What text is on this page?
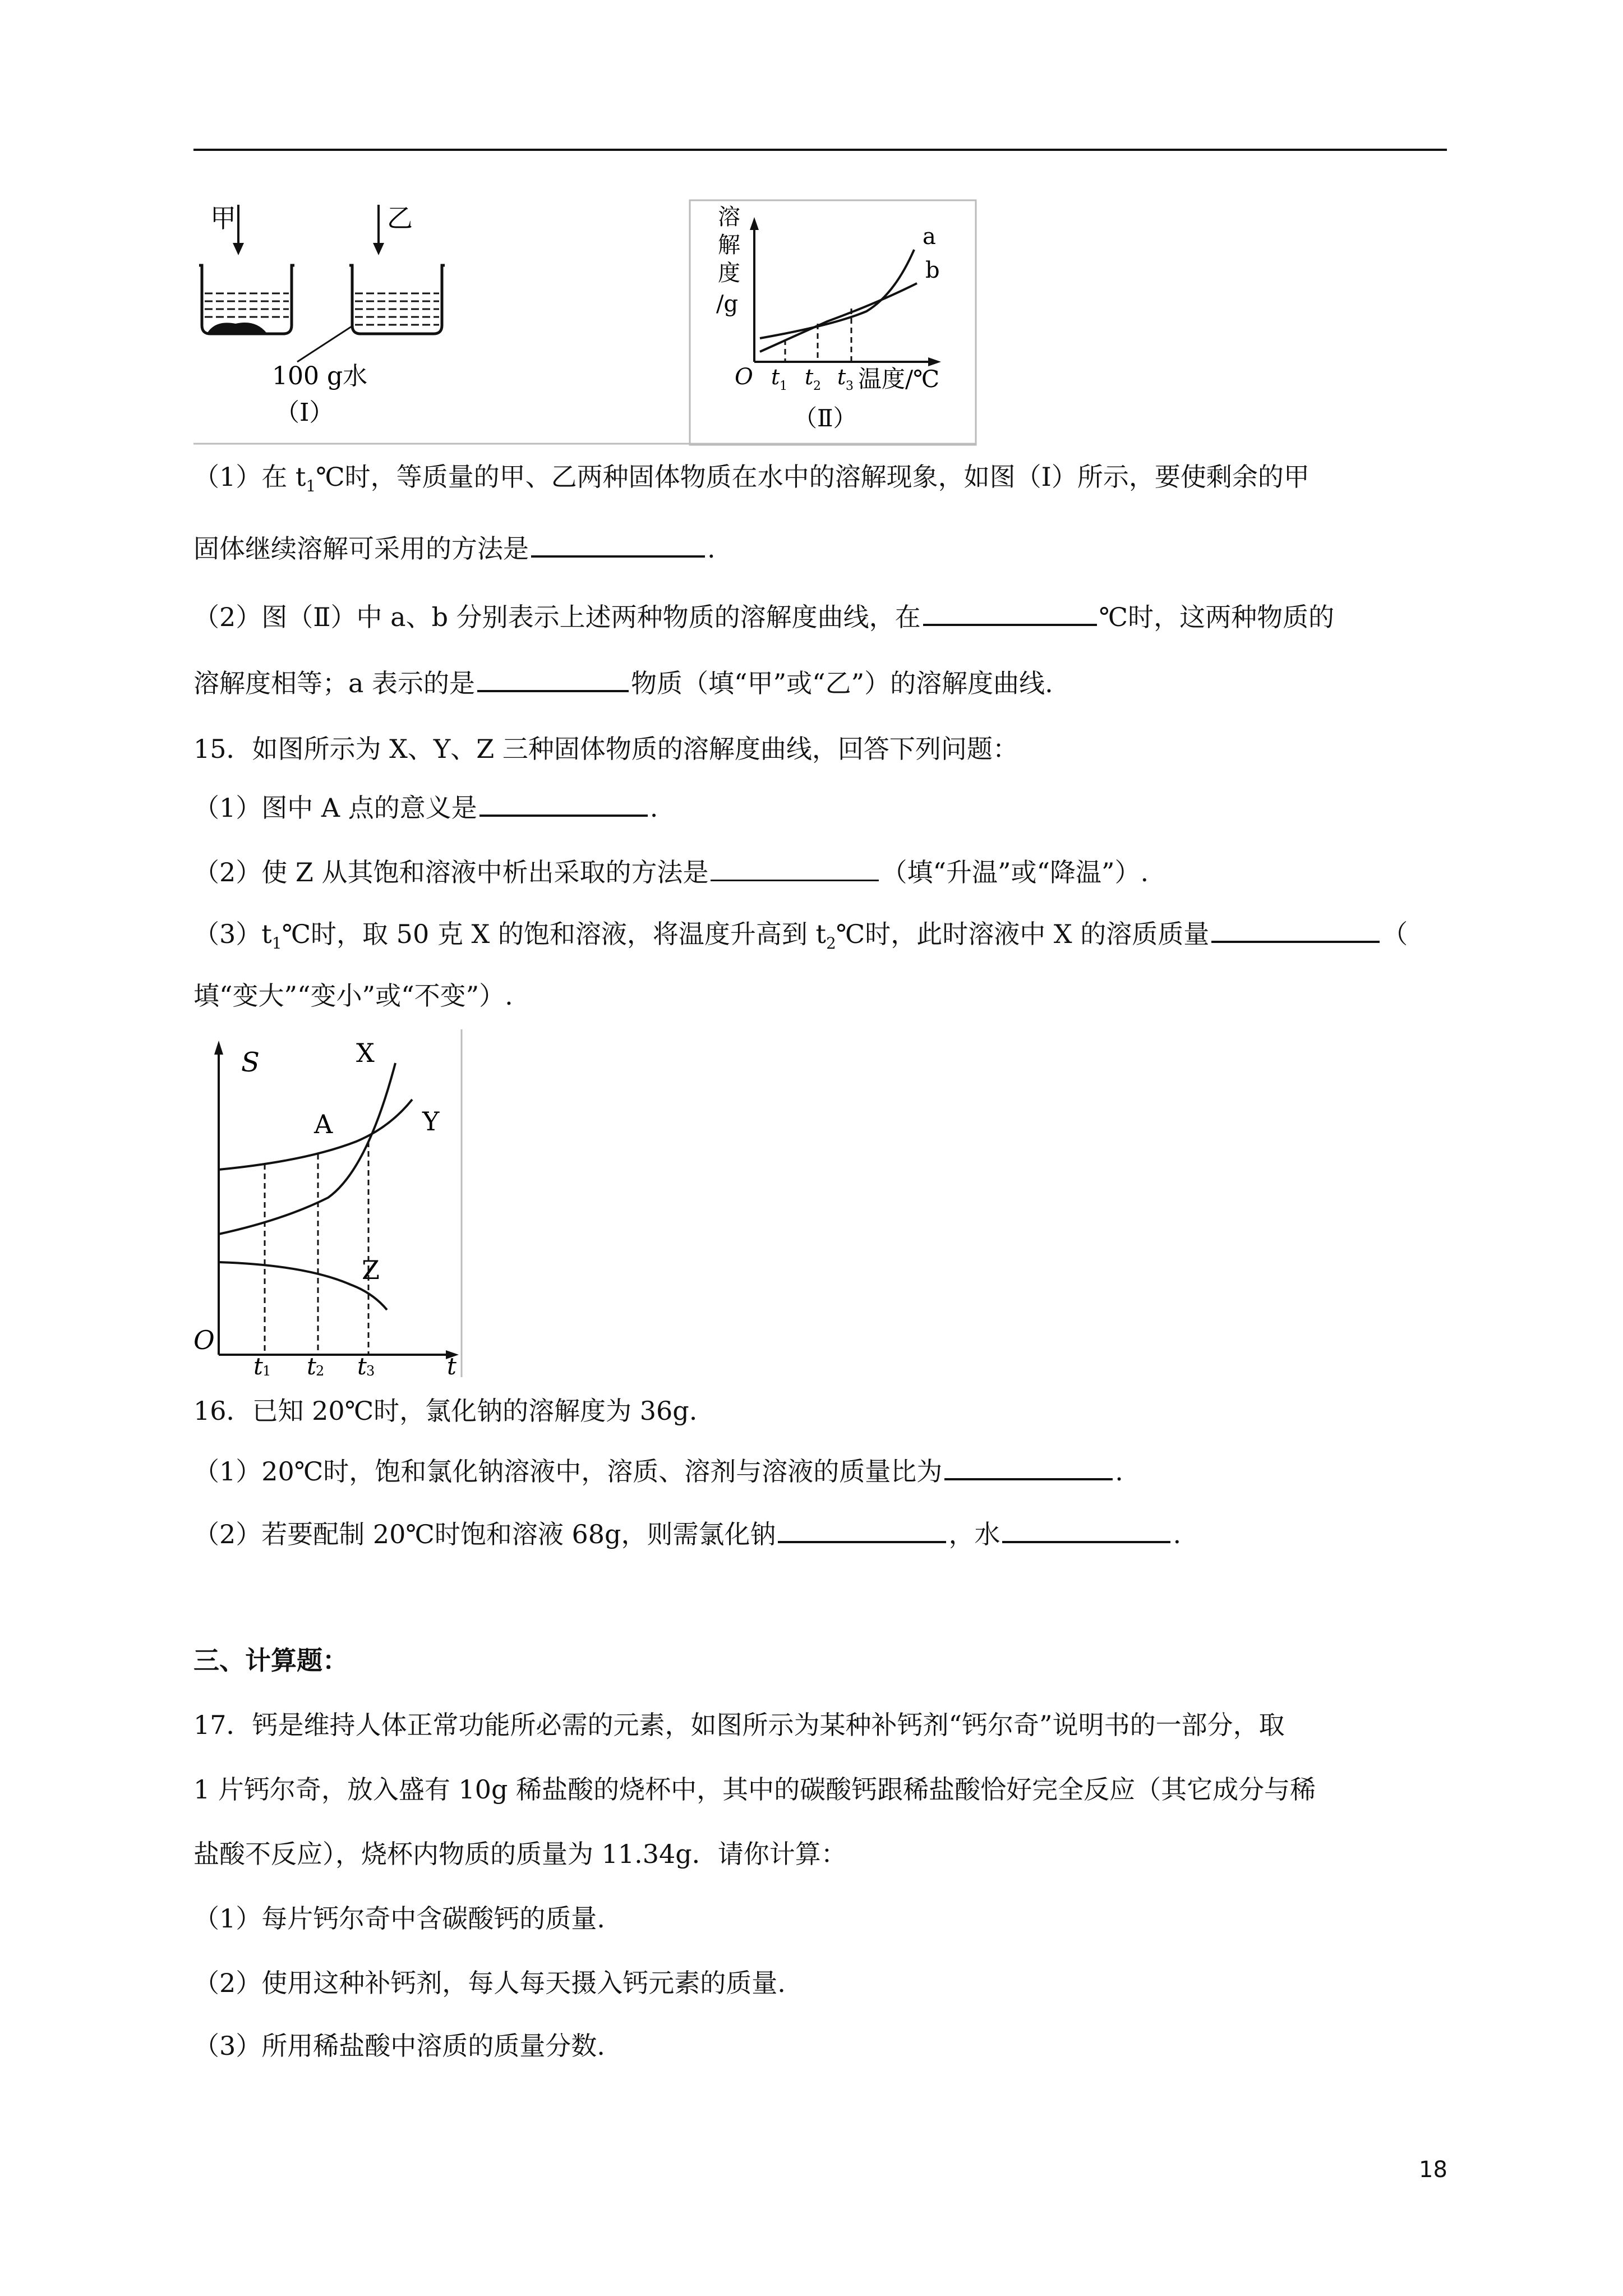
甲	乙
100 g水
（Ⅰ）
溶
解
度
/g
a
b
O t 1 t 2 t 3 温度/℃
（Ⅱ）
（1）在 $t_1℃$时，等质量的甲、乙两种固体物质在水中的溶解现象，如图（Ⅰ）所示，要使剩余的甲
固体继续溶解可采用的方法是	.
（2）图（Ⅱ）中 a、b 分别表示上述两种物质的溶解度曲线，在	℃时，这两种物质的
溶解度相等；a 表示的是	物质（填“甲”或“乙”）的溶解度曲线.
15．如图所示为 X、Y、Z 三种固体物质的溶解度曲线，回答下列问题：
（1）图中 A 点的意义是	.
（2）使 Z 从其饱和溶液中析出采取的方法是	（填“升温”或“降温”）.
$(3)t_1℃$时，取 50 克 X 的饱和溶液，将温度升高到 $t_2℃$时，此时溶液中 X 的溶质质量	（
填“变大”“变小”或“不变”）.
S	X
Y
A
Z
O
t 1 t 2 t 3	t
16．已知 20℃时，氯化钠的溶解度为 36g.
（1）20℃时，饱和氯化钠溶液中，溶质、溶剂与溶液的质量比为	.
（2）若要配制 20℃时饱和溶液 68g，则需氯化钠	，水	.
三、计算题：
17．钙是维持人体正常功能所必需的元素，如图所示为某种补钙剂“钙尔奇”说明书的一部分，取
1 片钙尔奇，放入盛有 10g 稀盐酸的烧杯中，其中的碳酸钙跟稀盐酸恰好完全反应（其它成分与稀
盐酸不反应），烧杯内物质的质量为 11.34g．请你计算：
（1）每片钙尔奇中含碳酸钙的质量.
（2）使用这种补钙剂，每人每天摄入钙元素的质量.
（3）所用稀盐酸中溶质的质量分数.
18
